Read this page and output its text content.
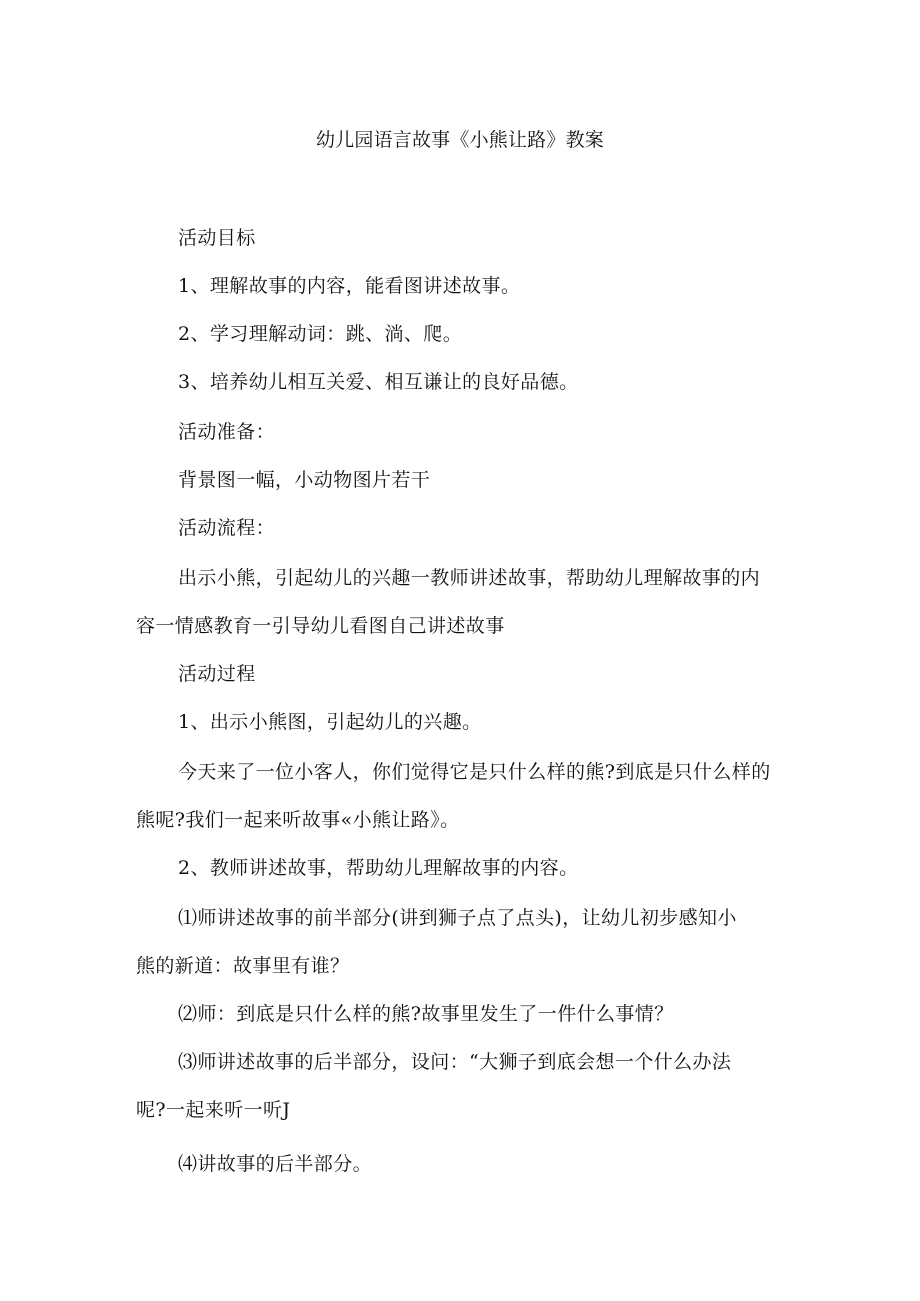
幼儿园语言故事《小熊让路》教案
活动目标
1、理解故事的内容，能看图讲述故事。
2、学习理解动词：跳、淌、爬。
3、培养幼儿相互关爱、相互谦让的良好品德。
活动准备：
背景图一幅，小动物图片若干
活动流程：
出示小熊，引起幼儿的兴趣一教师讲述故事，帮助幼儿理解故事的内
容一情感教育一引导幼儿看图自己讲述故事
活动过程
1、出示小熊图，引起幼儿的兴趣。
今天来了一位小客人，你们觉得它是只什么样的熊?到底是只什么样的
熊呢?我们一起来听故事«小熊让路》。
2、教师讲述故事，帮助幼儿理解故事的内容。
⑴师讲述故事的前半部分(讲到狮子点了点头)，让幼儿初步感知小
熊的新道：故事里有谁？
⑵师：到底是只什么样的熊?故事里发生了一件什么事情？
⑶师讲述故事的后半部分，设问：“大狮子到底会想一个什么办法
呢?一起来听一听J
⑷讲故事的后半部分。
